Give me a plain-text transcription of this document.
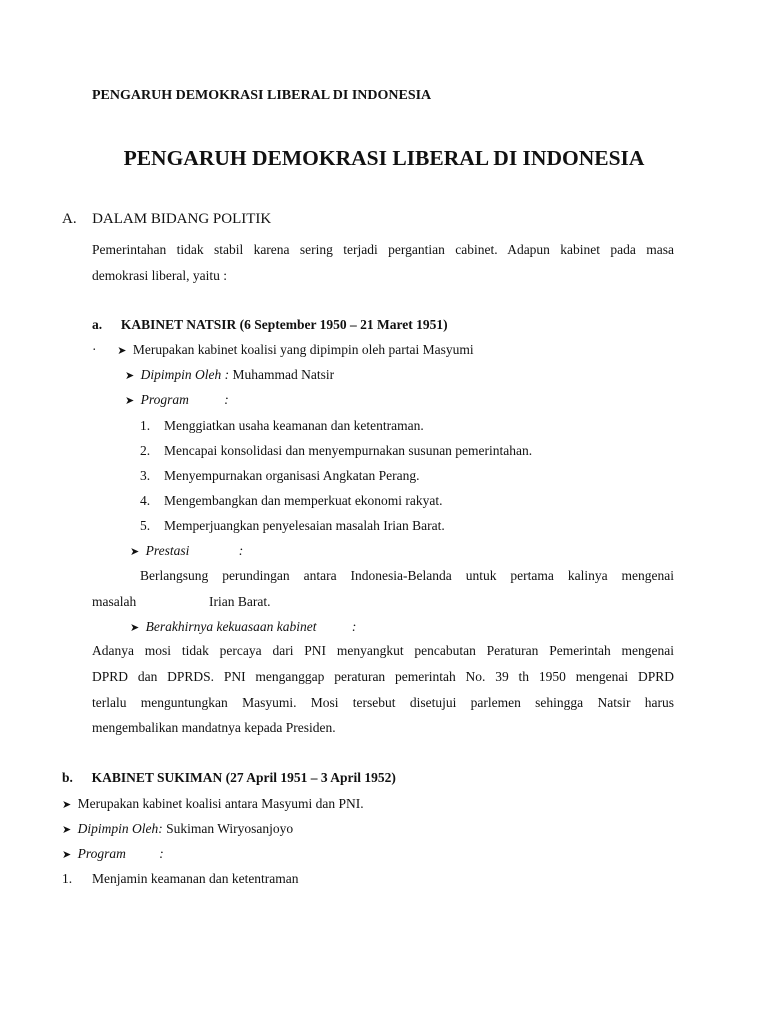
PENGARUH DEMOKRASI LIBERAL DI INDONESIA
PENGARUH DEMOKRASI LIBERAL DI INDONESIA
A. DALAM BIDANG POLITIK
Pemerintahan tidak stabil karena sering terjadi pergantian cabinet. Adapun kabinet pada masa
demokrasi liberal, yaitu :
a. KABINET NATSIR (6 September 1950 – 21 Maret 1951)
· ➤ Merupakan kabinet koalisi yang dipimpin oleh partai Masyumi
➤ Dipimpin Oleh : Muhammad Natsir
➤ Program	:
1. Menggiatkan usaha keamanan dan ketentraman.
2. Mencapai konsolidasi dan menyempurnakan susunan pemerintahan.
3. Menyempurnakan organisasi Angkatan Perang.
4. Mengembangkan dan memperkuat ekonomi rakyat.
5. Memperjuangkan penyelesaian masalah Irian Barat.
➤ Prestasi	:
Berlangsung perundingan antara Indonesia-Belanda untuk pertama kalinya mengenai
masalah	Irian Barat.
➤ Berakhirnya kekuasaan kabinet	:
Adanya mosi tidak percaya dari PNI menyangkut pencabutan Peraturan Pemerintah mengenai
DPRD dan DPRDS. PNI menganggap peraturan pemerintah No. 39 th 1950 mengenai DPRD
terlalu menguntungkan Masyumi. Mosi tersebut disetujui parlemen sehingga Natsir harus
mengembalikan mandatnya kepada Presiden.
b. KABINET SUKIMAN (27 April 1951 – 3 April 1952)
➤ Merupakan kabinet koalisi antara Masyumi dan PNI.
➤ Dipimpin Oleh: Sukiman Wiryosanjoyo
➤ Program :
1. Menjamin keamanan dan ketentraman
